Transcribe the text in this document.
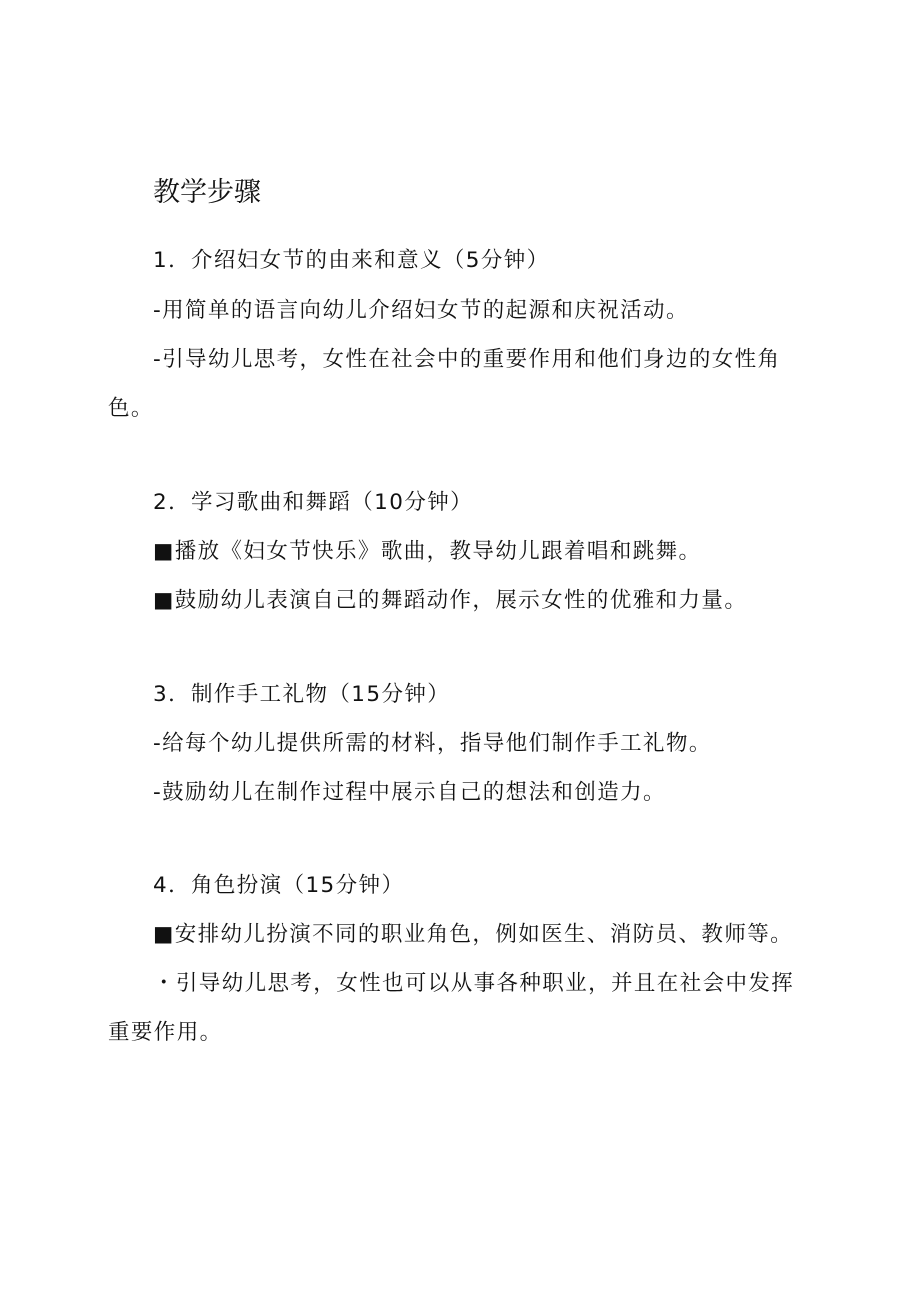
教学步骤
1．介绍妇女节的由来和意义（5分钟）
-用简单的语言向幼儿介绍妇女节的起源和庆祝活动。
-引导幼儿思考，女性在社会中的重要作用和他们身边的女性角
色。
2．学习歌曲和舞蹈（10分钟）
■播放《妇女节快乐》歌曲，教导幼儿跟着唱和跳舞。
■鼓励幼儿表演自己的舞蹈动作，展示女性的优雅和力量。
3．制作手工礼物（15分钟）
-给每个幼儿提供所需的材料，指导他们制作手工礼物。
-鼓励幼儿在制作过程中展示自己的想法和创造力。
4．角色扮演（15分钟）
■安排幼儿扮演不同的职业角色，例如医生、消防员、教师等。
・引导幼儿思考，女性也可以从事各种职业，并且在社会中发挥
重要作用。
